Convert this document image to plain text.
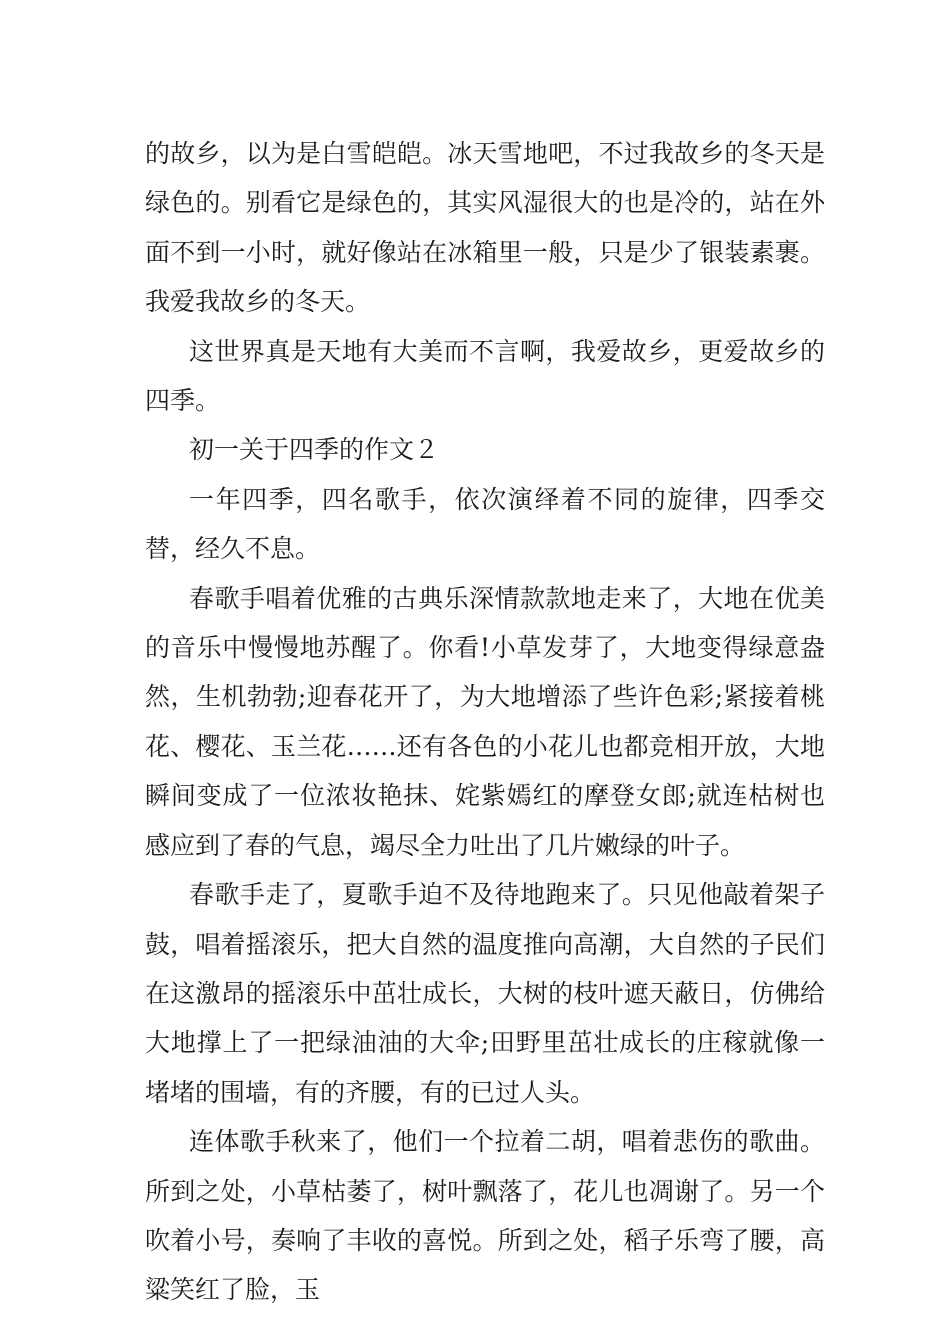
的故乡，以为是白雪皑皑。冰天雪地吧，不过我故乡的冬天是绿色的。别看它是绿色的，其实风湿很大的也是冷的，站在外面不到一小时，就好像站在冰箱里一般，只是少了银装素裹。我爱我故乡的冬天。

这世界真是天地有大美而不言啊，我爱故乡，更爱故乡的四季。

初一关于四季的作文２

一年四季，四名歌手，依次演绎着不同的旋律，四季交替，经久不息。

春歌手唱着优雅的古典乐深情款款地走来了，大地在优美的音乐中慢慢地苏醒了。你看!小草发芽了，大地变得绿意盎然，生机勃勃;迎春花开了，为大地增添了些许色彩;紧接着桃花、樱花、玉兰花……还有各色的小花儿也都竞相开放，大地瞬间变成了一位浓妆艳抹、姹紫嫣红的摩登女郎;就连枯树也感应到了春的气息，竭尽全力吐出了几片嫩绿的叶子。

春歌手走了，夏歌手迫不及待地跑来了。只见他敲着架子鼓，唱着摇滚乐，把大自然的温度推向高潮，大自然的子民们在这激昂的摇滚乐中茁壮成长，大树的枝叶遮天蔽日，仿佛给大地撑上了一把绿油油的大伞;田野里茁壮成长的庄稼就像一堵堵的围墙，有的齐腰，有的已过人头。

连体歌手秋来了，他们一个拉着二胡，唱着悲伤的歌曲。所到之处，小草枯萎了，树叶飘落了，花儿也凋谢了。另一个吹着小号，奏响了丰收的喜悦。所到之处，稻子乐弯了腰，高粱笑红了脸，玉
